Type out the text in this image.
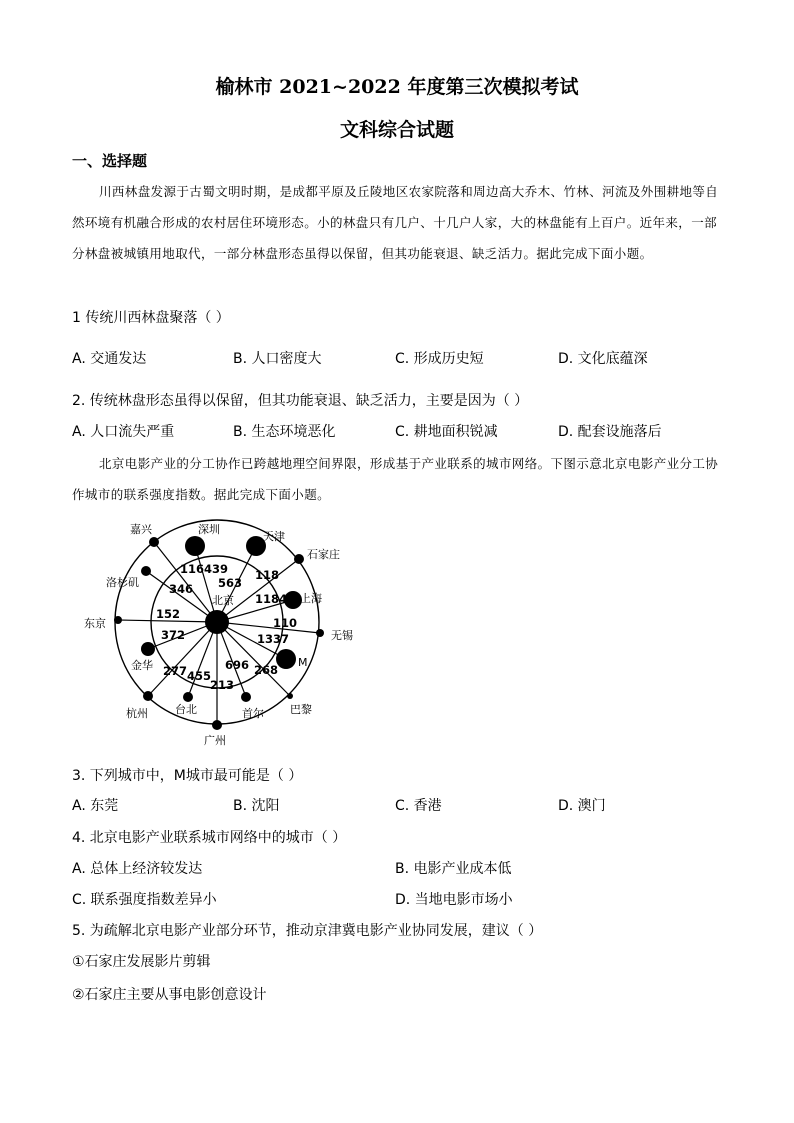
榆林市 2021~2022 年度第三次模拟考试
文科综合试题
一、选择题
川西林盘发源于古蜀文明时期，是成都平原及丘陵地区农家院落和周边高大乔木、竹林、河流及外围耕地等自然环境有机融合形成的农村居住环境形态。小的林盘只有几户、十几户人家，大的林盘能有上百户。近年来，一部分林盘被城镇用地取代，一部分林盘形态虽得以保留，但其功能衰退、缺乏活力。据此完成下面小题。
1 传统川西林盘聚落（ ）
A. 交通发达	B. 人口密度大	C. 形成历史短	D. 文化底蕴深
2. 传统林盘形态虽得以保留，但其功能衰退、缺乏活力，主要是因为（ ）
A. 人口流失严重	B. 生态环境恶化	C. 耕地面积锐减	D. 配套设施落后
北京电影产业的分工协作已跨越地理空间界限，形成基于产业联系的城市网络。下图示意北京电影产业分工协作城市的联系强度指数。据此完成下面小题。
嘉兴	深圳
天津
石家庄
洛杉矶
上海
东京
无锡
金华	M
杭州 台北	首尔 巴黎
广州
北京
116 439
563
118
346
1184
152
110
372	1337
277 455
696 268
213
3. 下列城市中，M城市最可能是（ ）
A. 东莞	B. 沈阳	C. 香港	D. 澳门
4. 北京电影产业联系城市网络中的城市（ ）
A. 总体上经济较发达	B. 电影产业成本低
C. 联系强度指数差异小	D. 当地电影市场小
5. 为疏解北京电影产业部分环节，推动京津冀电影产业协同发展，建议（ ）
①石家庄发展影片剪辑
②石家庄主要从事电影创意设计
